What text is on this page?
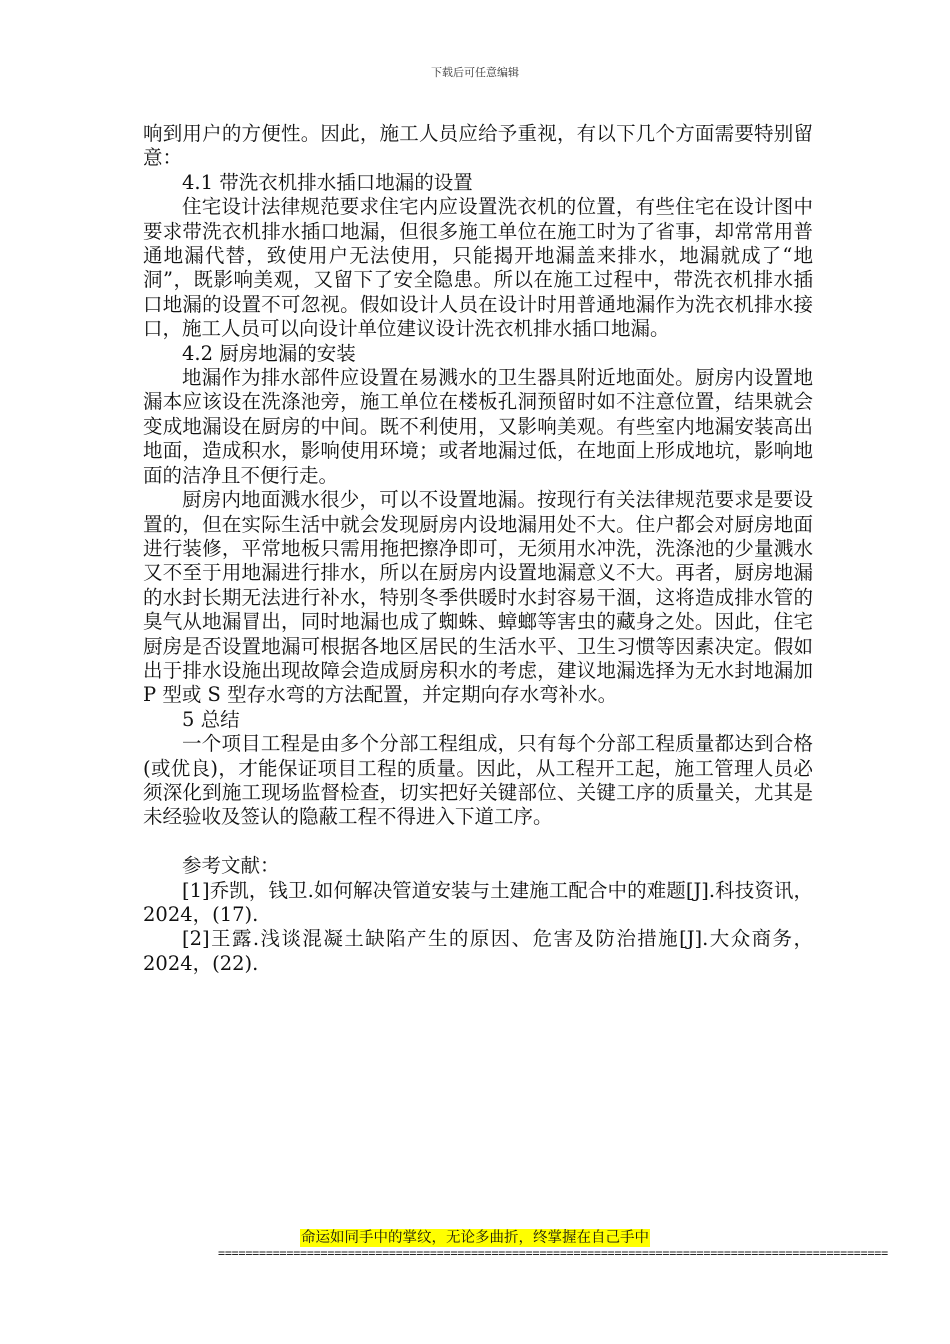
下载后可任意编辑

响到用户的方便性。因此，施工人员应给予重视，有以下几个方面需要特别留意：

4.1 带洗衣机排水插口地漏的设置

住宅设计法律规范要求住宅内应设置洗衣机的位置，有些住宅在设计图中要求带洗衣机排水插口地漏，但很多施工单位在施工时为了省事，却常常用普通地漏代替，致使用户无法使用，只能揭开地漏盖来排水，地漏就成了“地洞”，既影响美观，又留下了安全隐患。所以在施工过程中，带洗衣机排水插口地漏的设置不可忽视。假如设计人员在设计时用普通地漏作为洗衣机排水接口，施工人员可以向设计单位建议设计洗衣机排水插口地漏。

4.2 厨房地漏的安装

地漏作为排水部件应设置在易溅水的卫生器具附近地面处。厨房内设置地漏本应该设在洗涤池旁，施工单位在楼板孔洞预留时如不注意位置，结果就会变成地漏设在厨房的中间。既不利使用，又影响美观。有些室内地漏安装高出地面，造成积水，影响使用环境；或者地漏过低，在地面上形成地坑，影响地面的洁净且不便行走。

厨房内地面溅水很少，可以不设置地漏。按现行有关法律规范要求是要设置的，但在实际生活中就会发现厨房内设地漏用处不大。住户都会对厨房地面进行装修，平常地板只需用拖把擦净即可，无须用水冲洗，洗涤池的少量溅水又不至于用地漏进行排水，所以在厨房内设置地漏意义不大。再者，厨房地漏的水封长期无法进行补水，特别冬季供暖时水封容易干涸，这将造成排水管的臭气从地漏冒出，同时地漏也成了蜘蛛、蟑螂等害虫的藏身之处。因此，住宅厨房是否设置地漏可根据各地区居民的生活水平、卫生习惯等因素决定。假如出于排水设施出现故障会造成厨房积水的考虑，建议地漏选择为无水封地漏加 P 型或 S 型存水弯的方法配置，并定期向存水弯补水。

5 总结

一个项目工程是由多个分部工程组成，只有每个分部工程质量都达到合格(或优良)，才能保证项目工程的质量。因此，从工程开工起，施工管理人员必须深化到施工现场监督检查，切实把好关键部位、关键工序的质量关，尤其是未经验收及签认的隐蔽工程不得进入下道工序。

参考文献：

[1]乔凯，钱卫.如何解决管道安装与土建施工配合中的难题[J].科技资讯，2024，(17).

[2]王露.浅谈混凝土缺陷产生的原因、危害及防治措施[J].大众商务，2024，(22).

命运如同手中的掌纹，无论多曲折，终掌握在自己手中
==================================================================================================
